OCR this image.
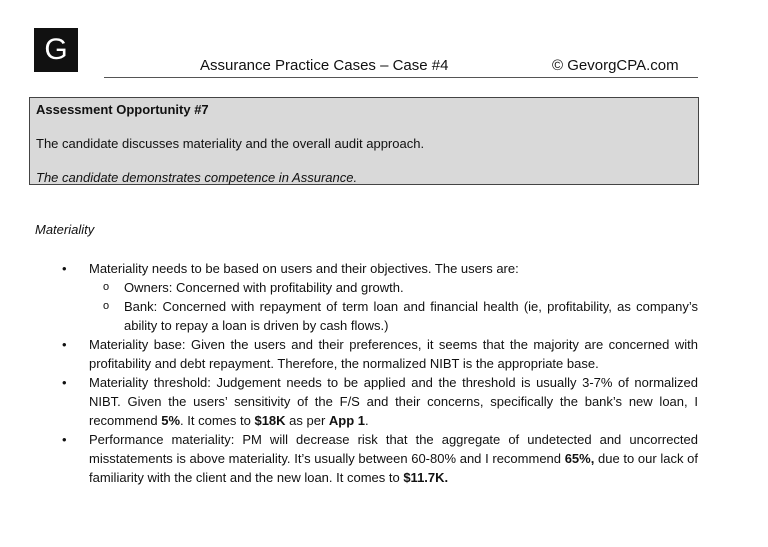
G	Assurance Practice Cases – Case #4	© GevorgCPA.com
Assessment Opportunity #7
The candidate discusses materiality and the overall audit approach.
The candidate demonstrates competence in Assurance.
Materiality
• Materiality needs to be based on users and their objectives. The users are:
o Owners: Concerned with profitability and growth.
o Bank: Concerned with repayment of term loan and financial health (ie, profitability, as company’s ability to repay a loan is driven by cash flows.)
• Materiality base: Given the users and their preferences, it seems that the majority are concerned with profitability and debt repayment. Therefore, the normalized NIBT is the appropriate base.
• Materiality threshold: Judgement needs to be applied and the threshold is usually 3-7% of normalized NIBT. Given the users’ sensitivity of the F/S and their concerns, specifically the bank’s new loan, I recommend 5%. It comes to $18K as per App 1.
• Performance materiality: PM will decrease risk that the aggregate of undetected and uncorrected misstatements is above materiality. It’s usually between 60-80% and I recommend 65%, due to our lack of familiarity with the client and the new loan. It comes to $11.7K.
